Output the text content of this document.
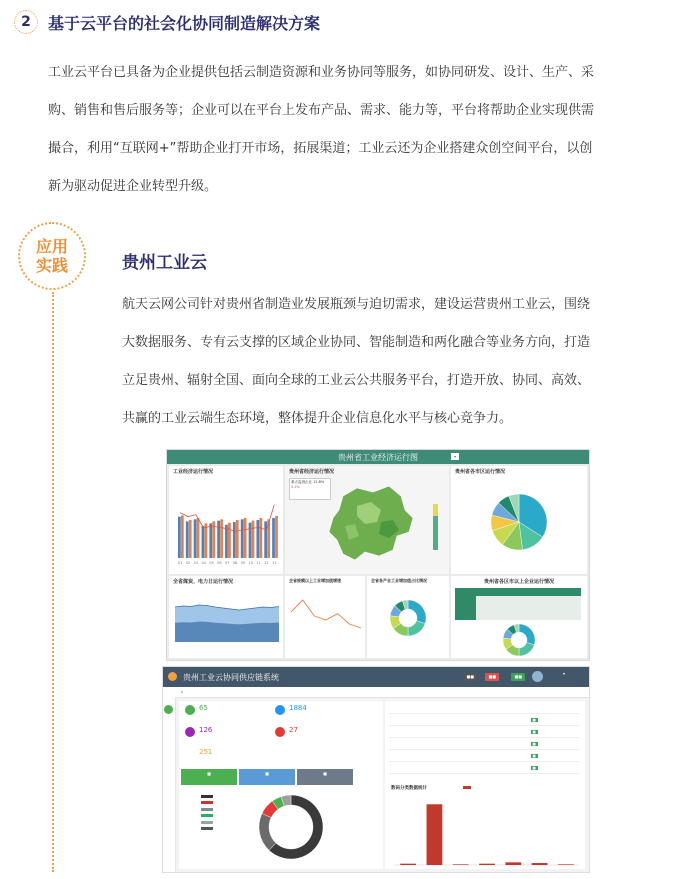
2	基于云平台的社会化协同制造解决方案

工业云平台已具备为企业提供包括云制造资源和业务协同等服务，如协同研发、设计、生产、采

购、销售和售后服务等；企业可以在平台上发布产品、需求、能力等，平台将帮助企业实现供需

撮合，利用“互联网+”帮助企业打开市场，拓展渠道；工业云还为企业搭建众创空间平台，以创

新为驱动促进企业转型升级。

应用
实践	贵州工业云

航天云网公司针对贵州省制造业发展瓶颈与迫切需求，建设运营贵州工业云，围绕

大数据服务、专有云支撑的区域企业协同、智能制造和两化融合等业务方向，打造

立足贵州、辐射全国、面向全球的工业云公共服务平台，打造开放、协同、高效、

共赢的工业云端生态环境，整体提升企业信息化水平与核心竞争力。

贵州省工业经济运行图	▾
工业经济运行情况
01 02 03 04 05 06 07 08 09 10 11 12 13
贵州省经济运行情况
重点监测企业 12.8%
5.2%
贵州省各市区运行情况
全省煤炭、电力日运行情况	全省规模以上工业增加值增速	全省各产业工业增加值占比情况	贵州省各区市以上企业运行情况

贵州工业云协同供应链系统	■■	■■	■■
▾
⌂
65	1884
126	27
251
■	■	■

						■
						■
						■
						■
						■
数码分类数据统计
